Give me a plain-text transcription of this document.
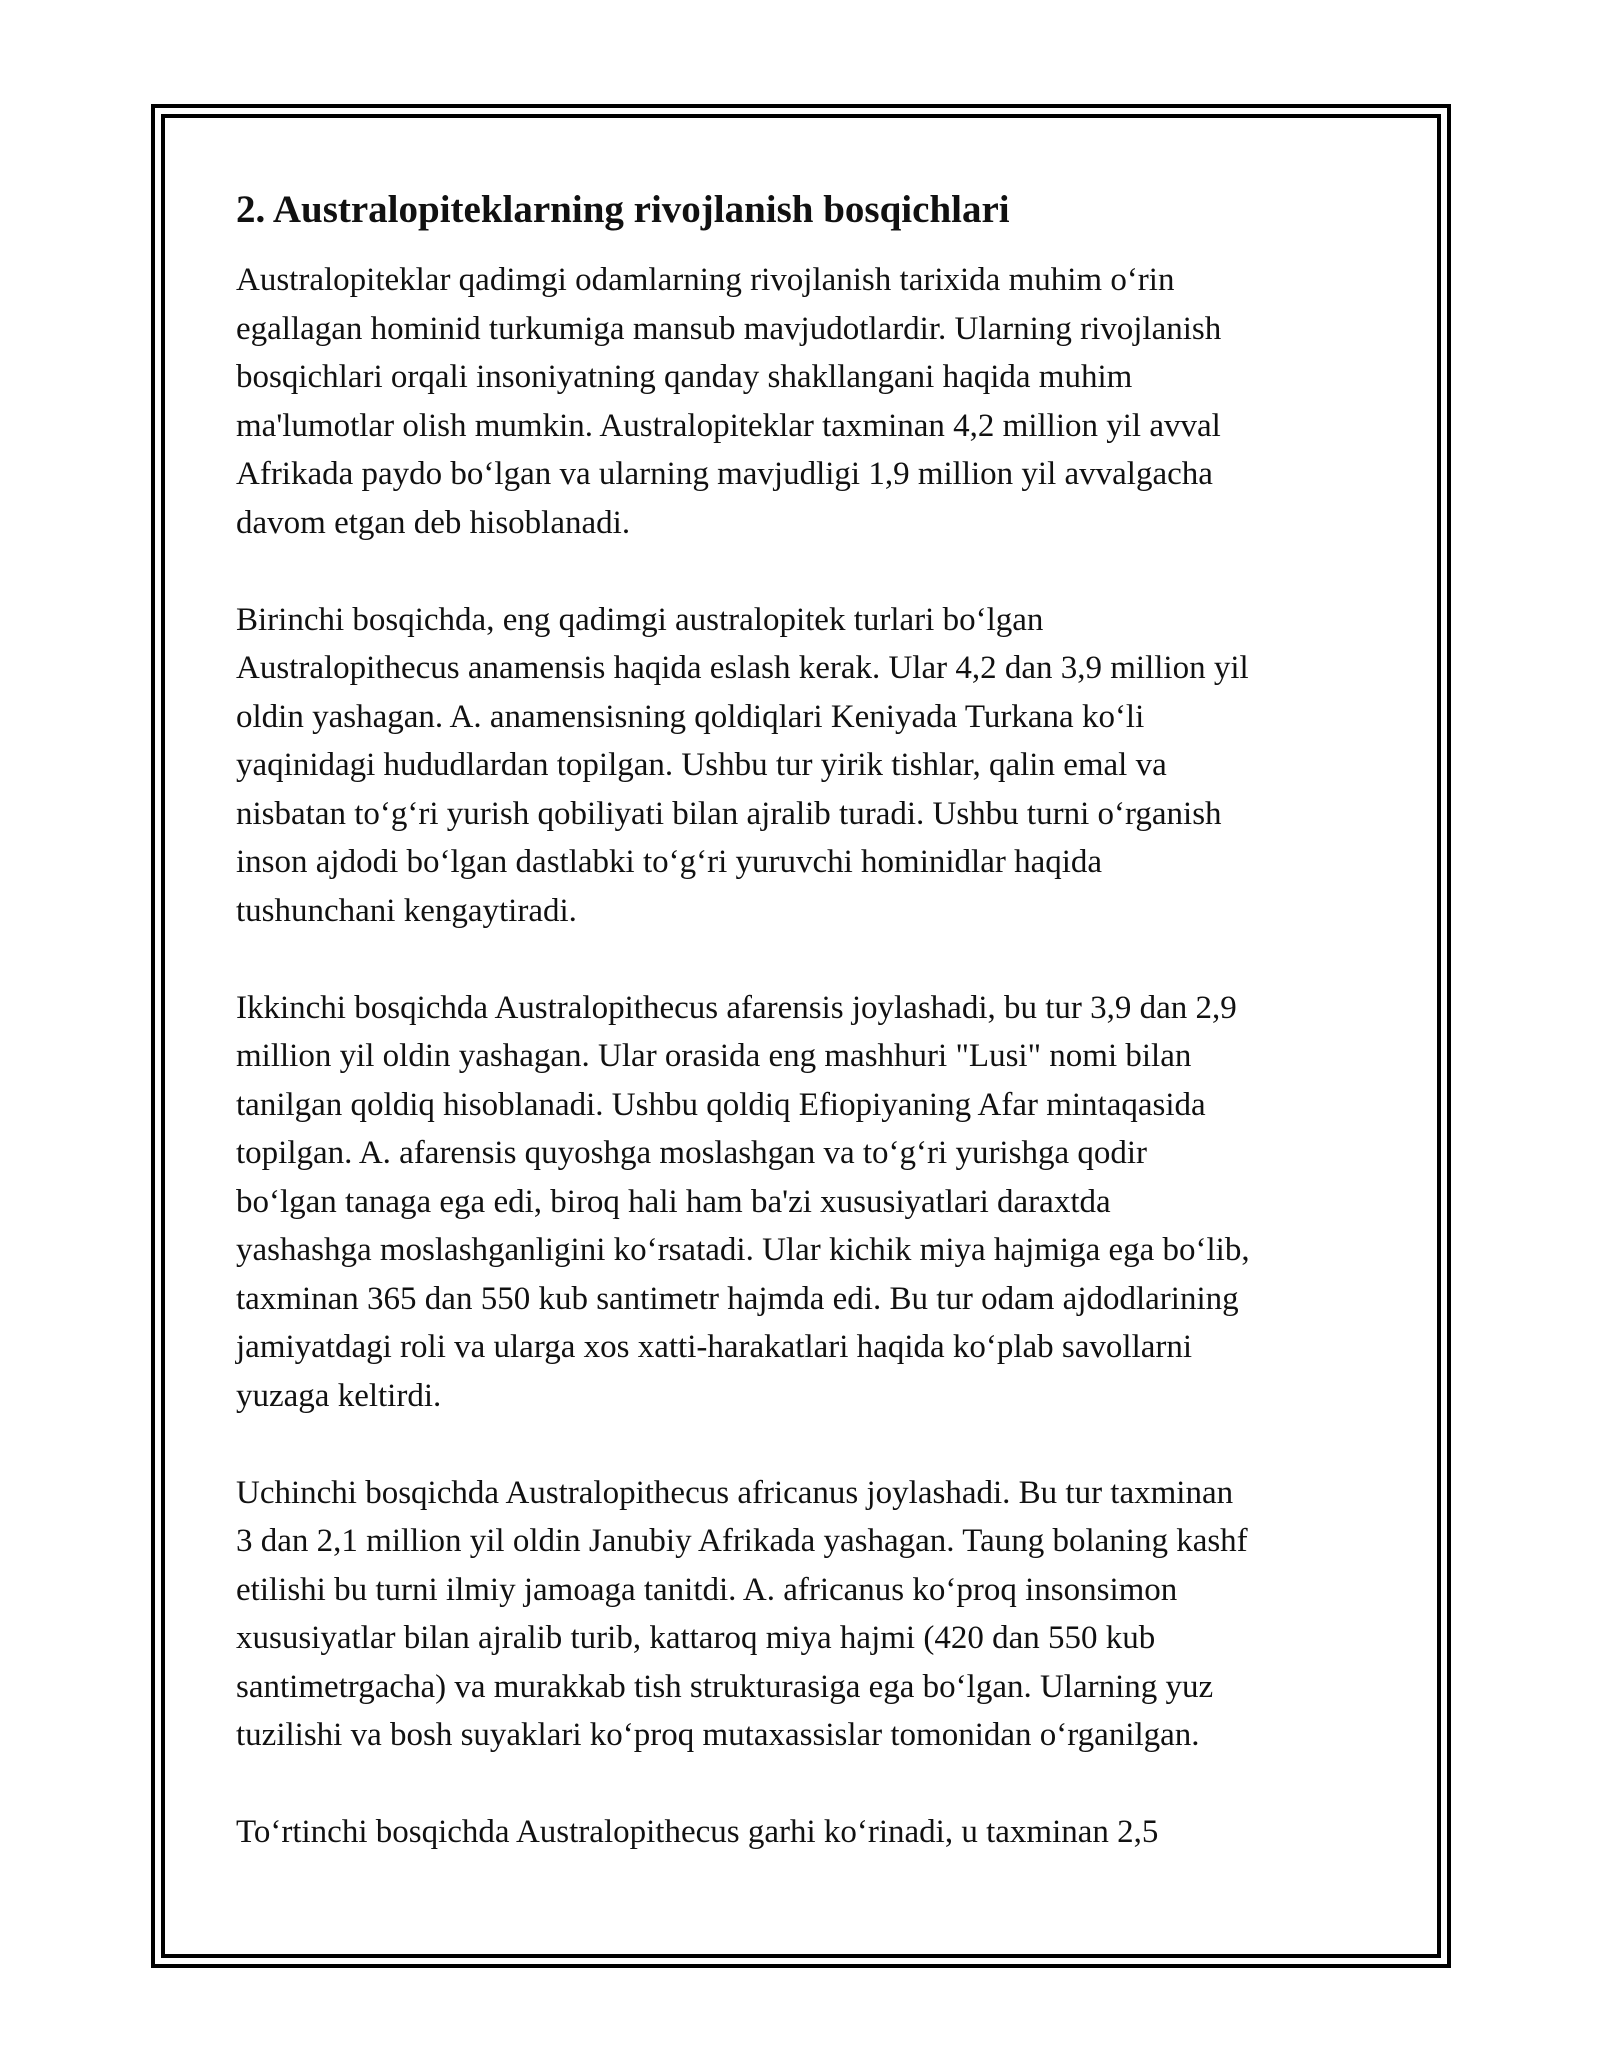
2. Australopiteklarning rivojlanish bosqichlari

Australopiteklar qadimgi odamlarning rivojlanish tarixida muhim oʻrin
egallagan hominid turkumiga mansub mavjudotlardir. Ularning rivojlanish
bosqichlari orqali insoniyatning qanday shakllangani haqida muhim
ma'lumotlar olish mumkin. Australopiteklar taxminan 4,2 million yil avval
Afrikada paydo boʻlgan va ularning mavjudligi 1,9 million yil avvalgacha
davom etgan deb hisoblanadi.

Birinchi bosqichda, eng qadimgi australopitek turlari boʻlgan
Australopithecus anamensis haqida eslash kerak. Ular 4,2 dan 3,9 million yil
oldin yashagan. A. anamensisning qoldiqlari Keniyada Turkana koʻli
yaqinidagi hududlardan topilgan. Ushbu tur yirik tishlar, qalin emal va
nisbatan toʻgʻri yurish qobiliyati bilan ajralib turadi. Ushbu turni oʻrganish
inson ajdodi boʻlgan dastlabki toʻgʻri yuruvchi hominidlar haqida
tushunchani kengaytiradi.

Ikkinchi bosqichda Australopithecus afarensis joylashadi, bu tur 3,9 dan 2,9
million yil oldin yashagan. Ular orasida eng mashhuri "Lusi" nomi bilan
tanilgan qoldiq hisoblanadi. Ushbu qoldiq Efiopiyaning Afar mintaqasida
topilgan. A. afarensis quyoshga moslashgan va toʻgʻri yurishga qodir
boʻlgan tanaga ega edi, biroq hali ham ba'zi xususiyatlari daraxtda
yashashga moslashganligini koʻrsatadi. Ular kichik miya hajmiga ega boʻlib,
taxminan 365 dan 550 kub santimetr hajmda edi. Bu tur odam ajdodlarining
jamiyatdagi roli va ularga xos xatti-harakatlari haqida koʻplab savollarni
yuzaga keltirdi.

Uchinchi bosqichda Australopithecus africanus joylashadi. Bu tur taxminan
3 dan 2,1 million yil oldin Janubiy Afrikada yashagan. Taung bolaning kashf
etilishi bu turni ilmiy jamoaga tanitdi. A. africanus koʻproq insonsimon
xususiyatlar bilan ajralib turib, kattaroq miya hajmi (420 dan 550 kub
santimetrgacha) va murakkab tish strukturasiga ega boʻlgan. Ularning yuz
tuzilishi va bosh suyaklari koʻproq mutaxassislar tomonidan oʻrganilgan.

Toʻrtinchi bosqichda Australopithecus garhi koʻrinadi, u taxminan 2,5
